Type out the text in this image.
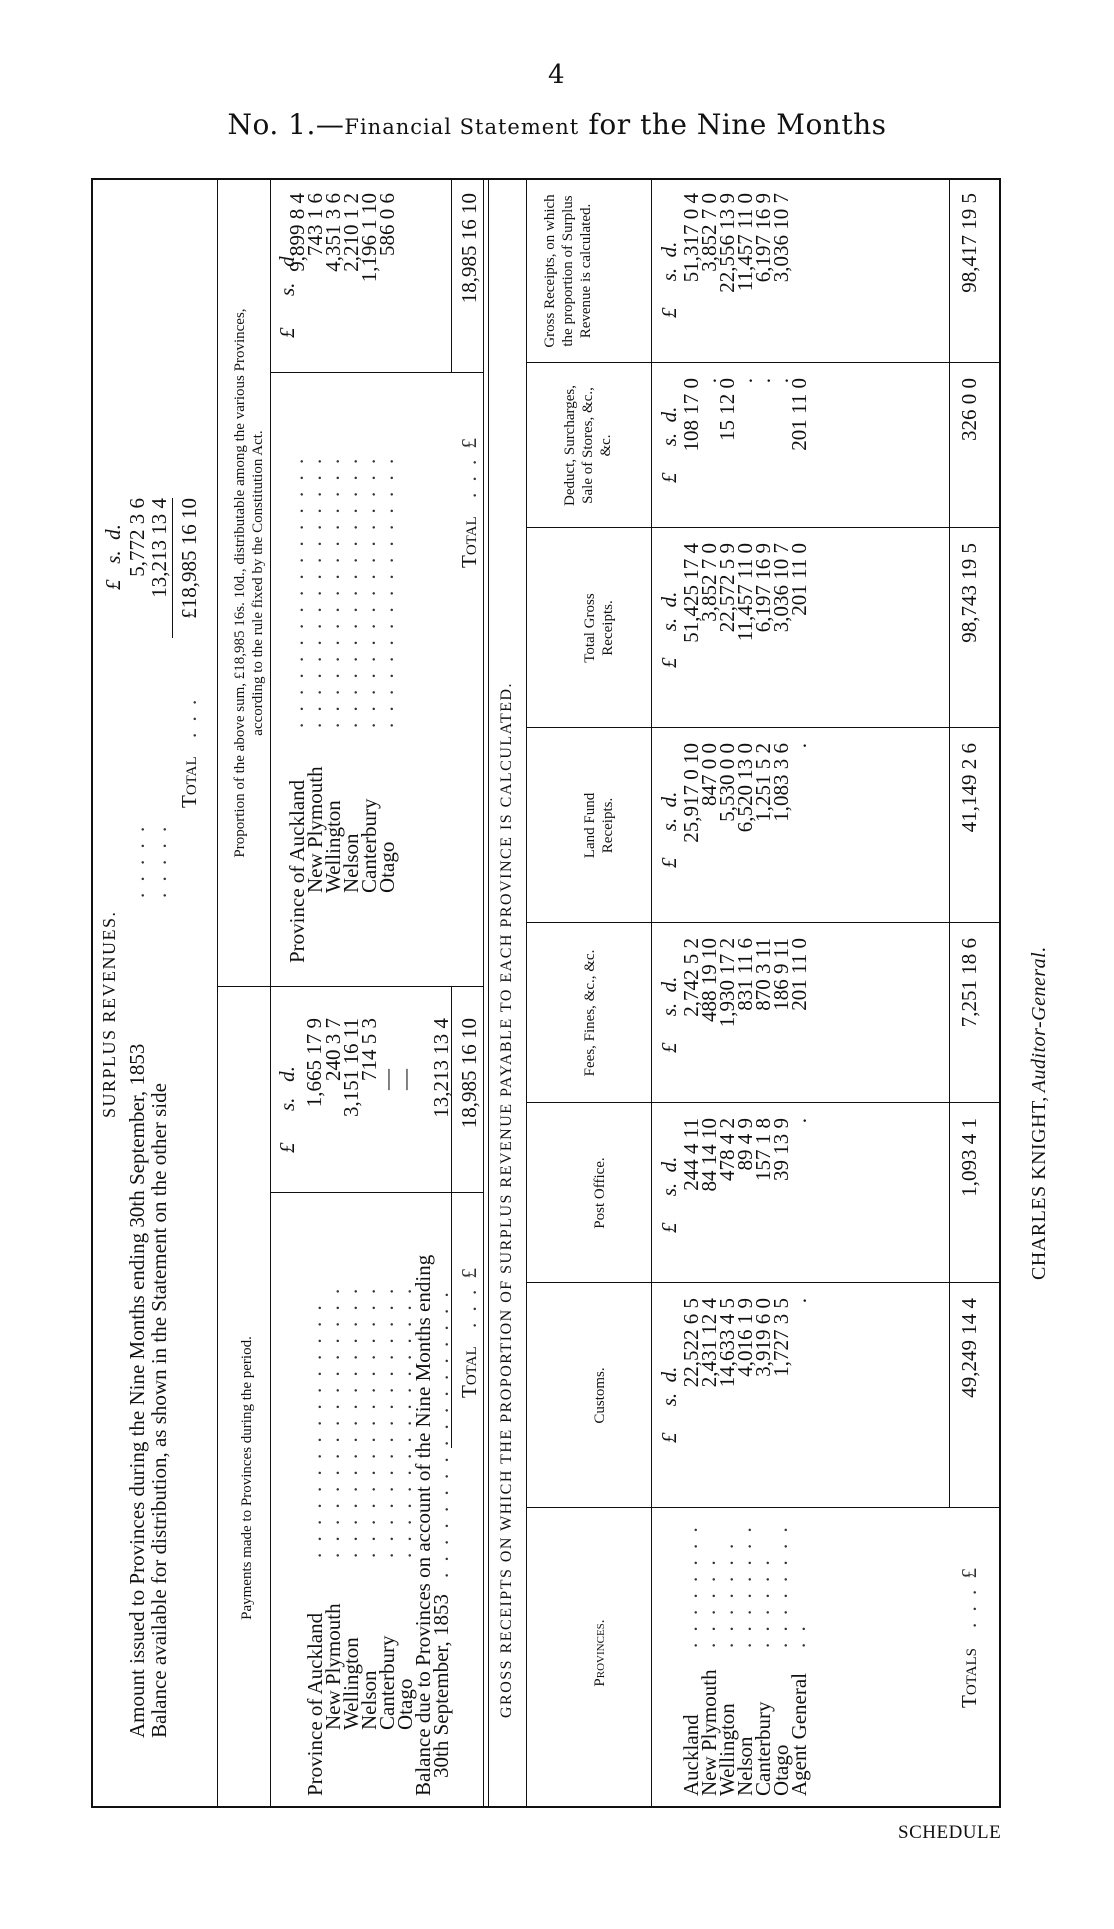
4
No. 1.—Financial Statement for the Nine Months
SURPLUS REVENUES.
Amount issued to Provinces during the Nine Months ending 30th September, 1853
. . . . .
5,772 3 6
Balance available for distribution, as shown in the Statement on the other side
. . . . .
13,213 13 4
£   s.  d.
Total
. . .
£18,985 16 10
Payments made to Provinces during the period.
Proportion of the above sum, £18,985 16s. 10d., distributable among the various Provinces, according to the rule fixed by the Constitution Act.
£      s.   d.
Province of Auckland
New Plymouth
Wellington
Nelson
Canterbury
Otago
. . . . . . . . . . . . . . . .
. . . . . . . . . . . . . . . . .
. . . . . . . . . . . . . . . . .
. . . . . . . . . . . . . . . . .
. . . . . . . . . . . . . . . . .
. . . . . . . . . . . . . . . . .
1,665 17 9
240 3 7
3,151 16 11
714 5 3
—
—
Balance due to Provinces on account of the Nine Months ending
30th September, 1853
. . . . . . . . . . . . . . . . . .
13,213 13 4
Total
. . . £
18,985 16 10
£      s.   d.
Province of Auckland
New Plymouth
Wellington
Nelson
Canterbury
Otago
. . . . . . . . . . . . . . . . .
. . . . . . . . . . . . . . . . .
. . . . . . . . . . . . . . . . .
. . . . . . . . . . . . . . . . .
. . . . . . . . . . . . . . . . .
. . . . . . . . . . . . . . . . .
9,899 8 4
743 1 6
4,351 3 6
2,210 1 2
1,196 1 10
586 0 6
Total
. . . £
18,985 16 10
GROSS RECEIPTS ON WHICH THE PROPORTION OF SURPLUS REVENUE PAYABLE TO EACH PROVINCE IS CALCULATED.	Provinces.
Customs.
Post Office.
Fees, Fines, &c., &c.
Land Fund Receipts.
Total Gross Receipts.
Deduct, Surcharges, Sale of Stores, &c., &c.
Gross Receipts, on which the proportion of Surplus Revenue is calculated.
£     s.  d.
£     s.  d.
£     s.  d.
£     s.  d.
£     s.  d.
£     s.  d.
£     s.  d.
Auckland
22,522 6 5
244 4 11
2,742 5 2
25,917 0 10
51,425 17 4
108 17 0
51,317 0 4
New Plymouth
2,431 12 4
84 14 10
488 19 10
847 0 0
3,852 7 0
.
3,852 7 0
Wellington
14,633 4 5
478 4 2
1,930 17 2
5,530 0 0
22,572 5 9
15 12 0
22,556 13 9
Nelson
4,016 1 9
89 4 9
831 11 6
6,520 13 0
11,457 11 0
.
11,457 11 0
Canterbury
3,919 6 0
157 1 8
870 3 11
1,251 5 2
6,197 16 9
.
6,197 16 9
Otago
1,727 3 5
39 13 9
186 9 11
1,083 3 6
3,036 10 7
.
3,036 10 7
Agent General
.
.
201 11 0
.
201 11 0
201 11 0
. . . . . . . .
. . . . . .
. . . . . . .
. . . . . . . .
. . . . . .
. . . . . . . .
. .
Totals
. . . £
49,249 14 4
1,093 4 1
7,251 18 6
41,149 2 6
98,743 19 5
326 0 0
98,417 19 5
CHARLES KNIGHT, Auditor-General.
SCHEDULE
